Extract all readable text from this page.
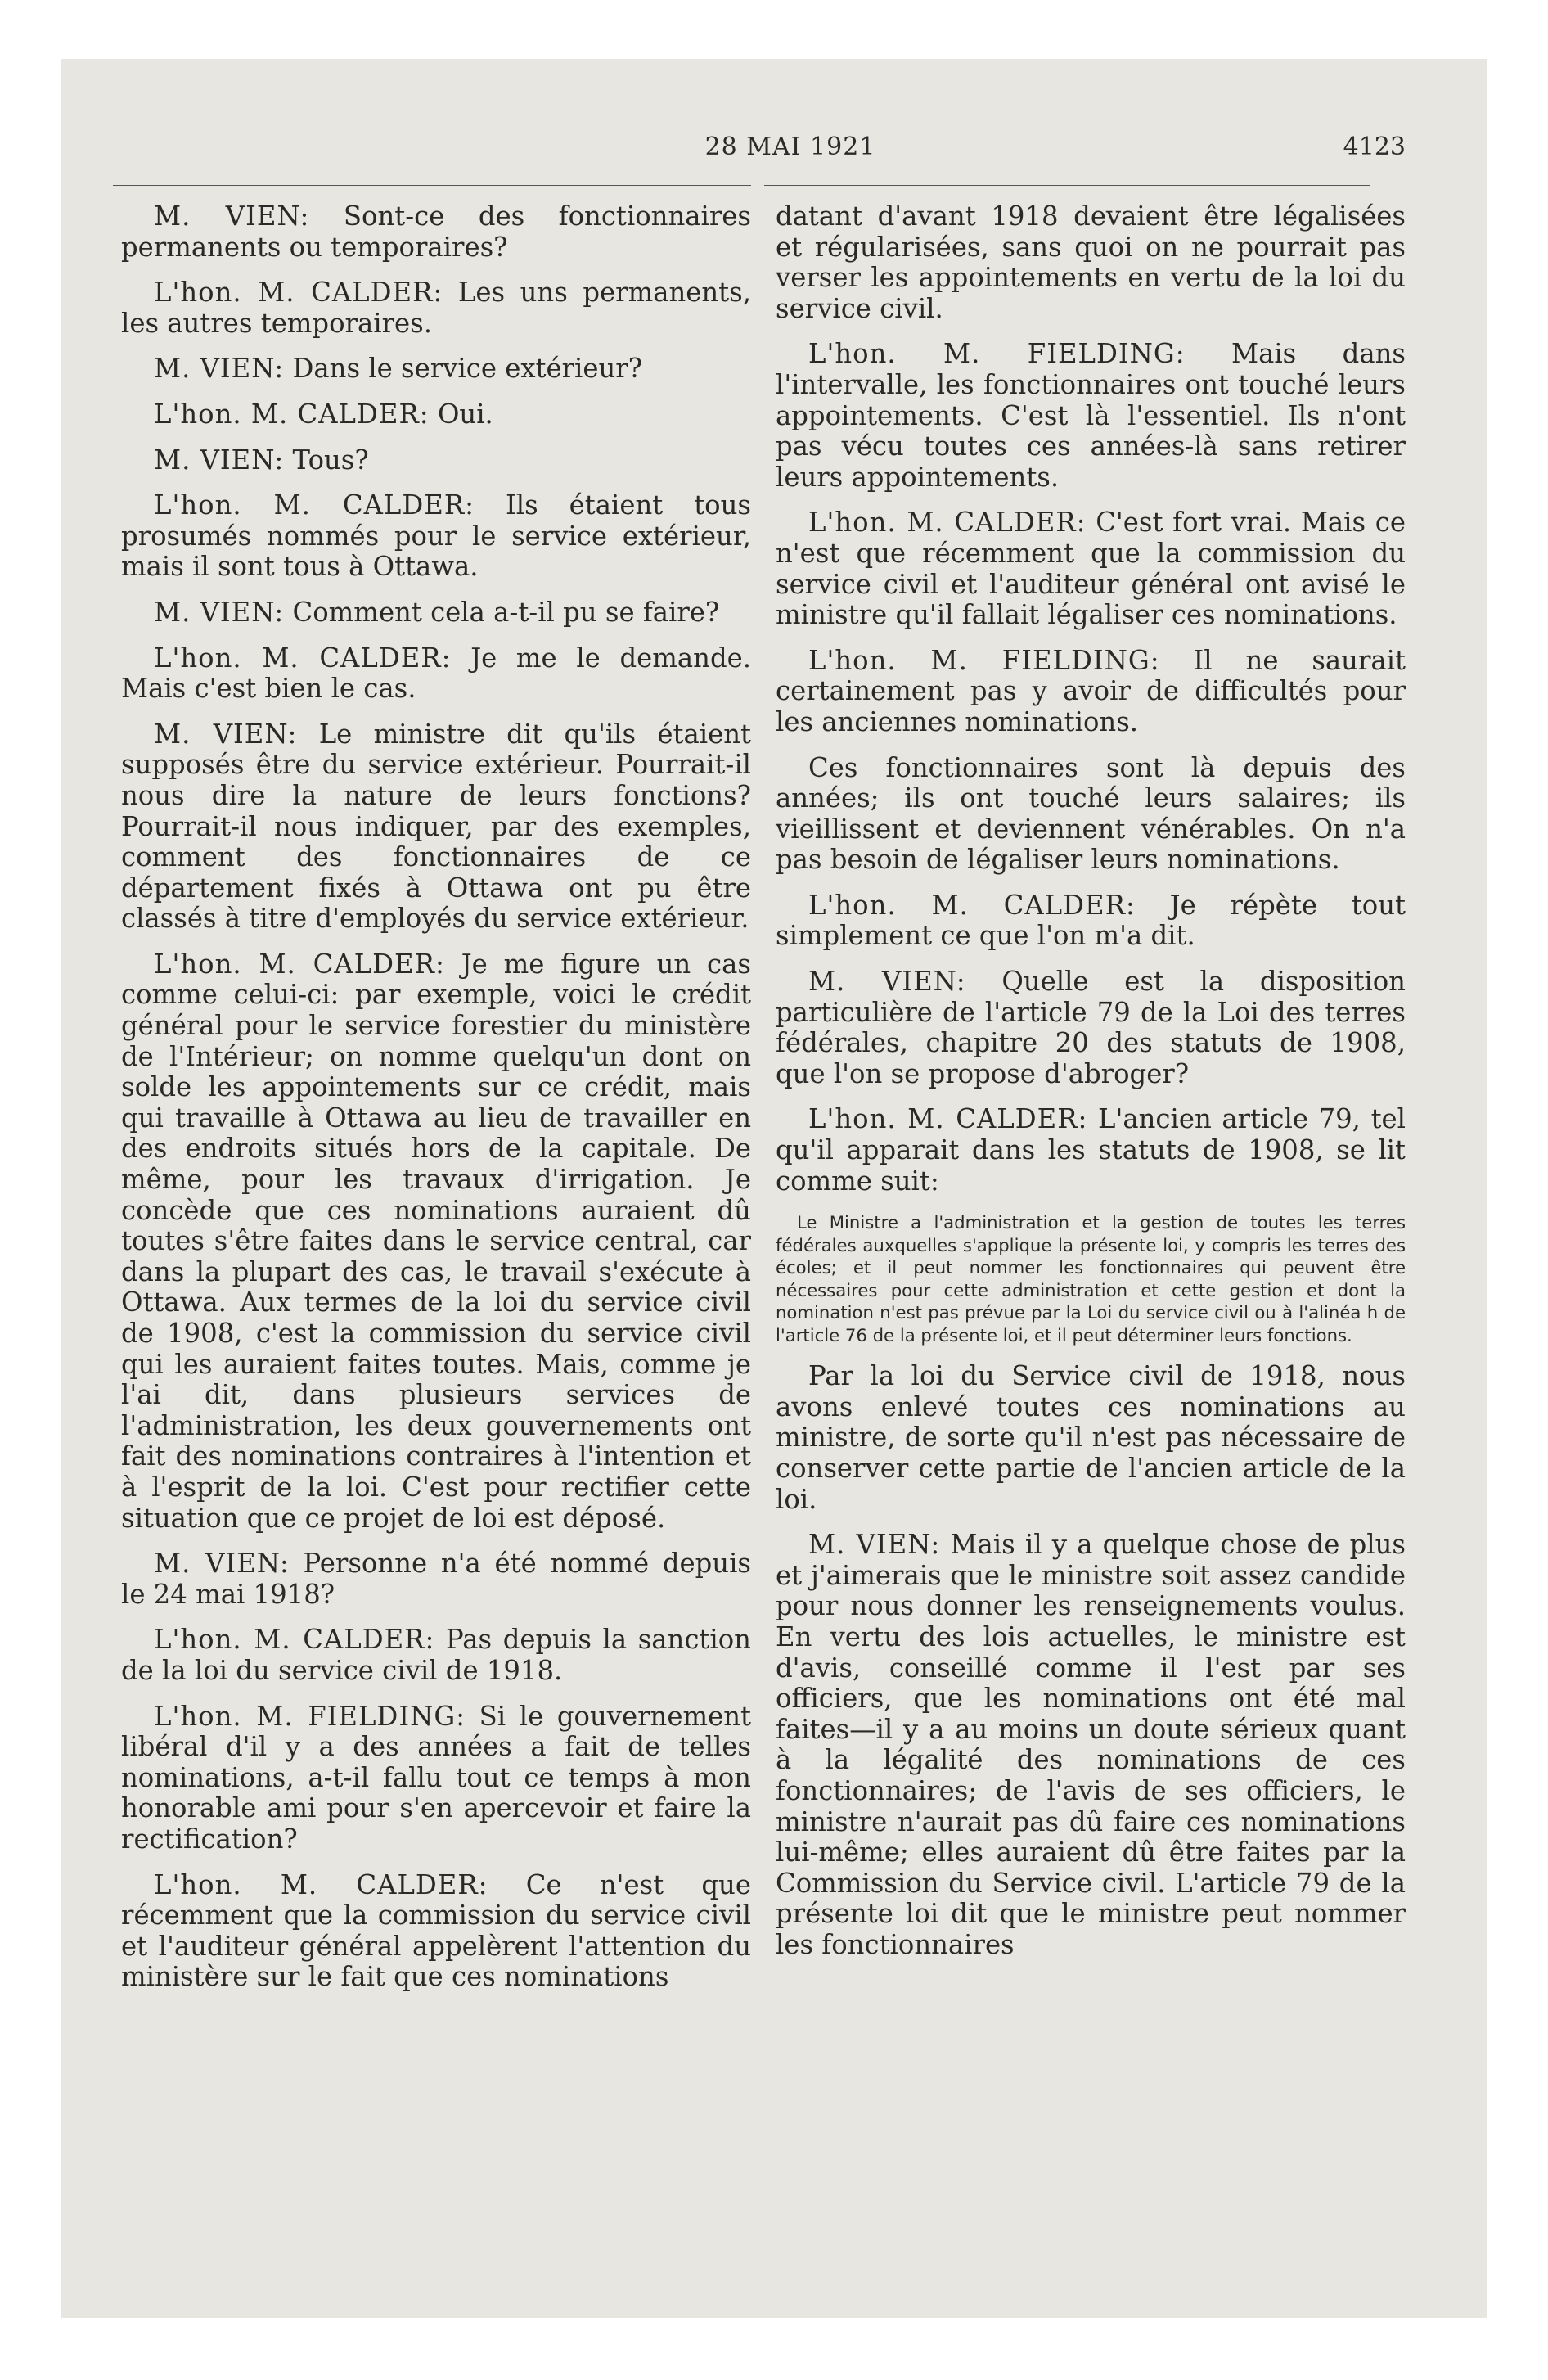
28 MAI 1921	4123

M. VIEN: Sont-ce des fonctionnaires permanents ou temporaires?

L'hon. M. CALDER: Les uns permanents, les autres temporaires.

M. VIEN: Dans le service extérieur?

L'hon. M. CALDER: Oui.

M. VIEN: Tous?

L'hon. M. CALDER: Ils étaient tous prosumés nommés pour le service extérieur, mais il sont tous à Ottawa.

M. VIEN: Comment cela a-t-il pu se faire?

L'hon. M. CALDER: Je me le demande. Mais c'est bien le cas.

M. VIEN: Le ministre dit qu'ils étaient supposés être du service extérieur. Pourrait-il nous dire la nature de leurs fonctions? Pourrait-il nous indiquer, par des exemples, comment des fonctionnaires de ce département fixés à Ottawa ont pu être classés à titre d'employés du service extérieur.

L'hon. M. CALDER: Je me figure un cas comme celui-ci: par exemple, voici le crédit général pour le service forestier du ministère de l'Intérieur; on nomme quelqu'un dont on solde les appointements sur ce crédit, mais qui travaille à Ottawa au lieu de travailler en des endroits situés hors de la capitale. De même, pour les travaux d'irrigation. Je concède que ces nominations auraient dû toutes s'être faites dans le service central, car dans la plupart des cas, le travail s'exécute à Ottawa. Aux termes de la loi du service civil de 1908, c'est la commission du service civil qui les auraient faites toutes. Mais, comme je l'ai dit, dans plusieurs services de l'administration, les deux gouvernements ont fait des nominations contraires à l'intention et à l'esprit de la loi. C'est pour rectifier cette situation que ce projet de loi est déposé.

M. VIEN: Personne n'a été nommé depuis le 24 mai 1918?

L'hon. M. CALDER: Pas depuis la sanction de la loi du service civil de 1918.

L'hon. M. FIELDING: Si le gouvernement libéral d'il y a des années a fait de telles nominations, a-t-il fallu tout ce temps à mon honorable ami pour s'en apercevoir et faire la rectification?

L'hon. M. CALDER: Ce n'est que récemment que la commission du service civil et l'auditeur général appelèrent l'attention du ministère sur le fait que ces nominations

datant d'avant 1918 devaient être légalisées et régularisées, sans quoi on ne pourrait pas verser les appointements en vertu de la loi du service civil.

L'hon. M. FIELDING: Mais dans l'intervalle, les fonctionnaires ont touché leurs appointements. C'est là l'essentiel. Ils n'ont pas vécu toutes ces années-là sans retirer leurs appointements.

L'hon. M. CALDER: C'est fort vrai. Mais ce n'est que récemment que la commission du service civil et l'auditeur général ont avisé le ministre qu'il fallait légaliser ces nominations.

L'hon. M. FIELDING: Il ne saurait certainement pas y avoir de difficultés pour les anciennes nominations.

Ces fonctionnaires sont là depuis des années; ils ont touché leurs salaires; ils vieillissent et deviennent vénérables. On n'a pas besoin de légaliser leurs nominations.

L'hon. M. CALDER: Je répète tout simplement ce que l'on m'a dit.

M. VIEN: Quelle est la disposition particulière de l'article 79 de la Loi des terres fédérales, chapitre 20 des statuts de 1908, que l'on se propose d'abroger?

L'hon. M. CALDER: L'ancien article 79, tel qu'il apparait dans les statuts de 1908, se lit comme suit:

Le Ministre a l'administration et la gestion de toutes les terres fédérales auxquelles s'applique la présente loi, y compris les terres des écoles; et il peut nommer les fonctionnaires qui peuvent être nécessaires pour cette administration et cette gestion et dont la nomination n'est pas prévue par la Loi du service civil ou à l'alinéa h de l'article 76 de la présente loi, et il peut déterminer leurs fonctions.

Par la loi du Service civil de 1918, nous avons enlevé toutes ces nominations au ministre, de sorte qu'il n'est pas nécessaire de conserver cette partie de l'ancien article de la loi.

M. VIEN: Mais il y a quelque chose de plus et j'aimerais que le ministre soit assez candide pour nous donner les renseignements voulus. En vertu des lois actuelles, le ministre est d'avis, conseillé comme il l'est par ses officiers, que les nominations ont été mal faites—il y a au moins un doute sérieux quant à la légalité des nominations de ces fonctionnaires; de l'avis de ses officiers, le ministre n'aurait pas dû faire ces nominations lui-même; elles auraient dû être faites par la Commission du Service civil. L'article 79 de la présente loi dit que le ministre peut nommer les fonctionnaires
